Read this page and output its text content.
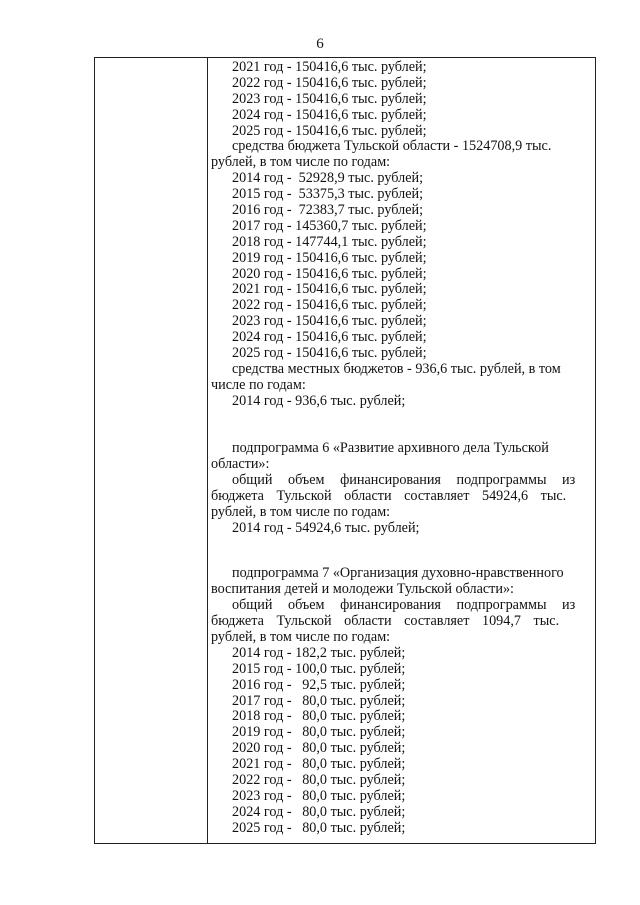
6
2021 год - 150416,6 тыс. рублей;
2022 год - 150416,6 тыс. рублей;
2023 год - 150416,6 тыс. рублей;
2024 год - 150416,6 тыс. рублей;
2025 год - 150416,6 тыс. рублей;
средства бюджета Тульской области - 1524708,9 тыс.
рублей, в том числе по годам:
2014 год -  52928,9 тыс. рублей;
2015 год -  53375,3 тыс. рублей;
2016 год -  72383,7 тыс. рублей;
2017 год - 145360,7 тыс. рублей;
2018 год - 147744,1 тыс. рублей;
2019 год - 150416,6 тыс. рублей;
2020 год - 150416,6 тыс. рублей;
2021 год - 150416,6 тыс. рублей;
2022 год - 150416,6 тыс. рублей;
2023 год - 150416,6 тыс. рублей;
2024 год - 150416,6 тыс. рублей;
2025 год - 150416,6 тыс. рублей;
средства местных бюджетов - 936,6 тыс. рублей, в том
числе по годам:
2014 год - 936,6 тыс. рублей;
подпрограмма 6 «Развитие архивного дела Тульской
области»:
общий объем финансирования подпрограммы из
бюджета Тульской области составляет 54924,6 тыс.
рублей, в том числе по годам:
2014 год - 54924,6 тыс. рублей;
подпрограмма 7 «Организация духовно-нравственного
воспитания детей и молодежи Тульской области»:
общий объем финансирования подпрограммы из
бюджета Тульской области составляет 1094,7 тыс.
рублей, в том числе по годам:
2014 год - 182,2 тыс. рублей;
2015 год - 100,0 тыс. рублей;
2016 год -   92,5 тыс. рублей;
2017 год -   80,0 тыс. рублей;
2018 год -   80,0 тыс. рублей;
2019 год -   80,0 тыс. рублей;
2020 год -   80,0 тыс. рублей;
2021 год -   80,0 тыс. рублей;
2022 год -   80,0 тыс. рублей;
2023 год -   80,0 тыс. рублей;
2024 год -   80,0 тыс. рублей;
2025 год -   80,0 тыс. рублей;
